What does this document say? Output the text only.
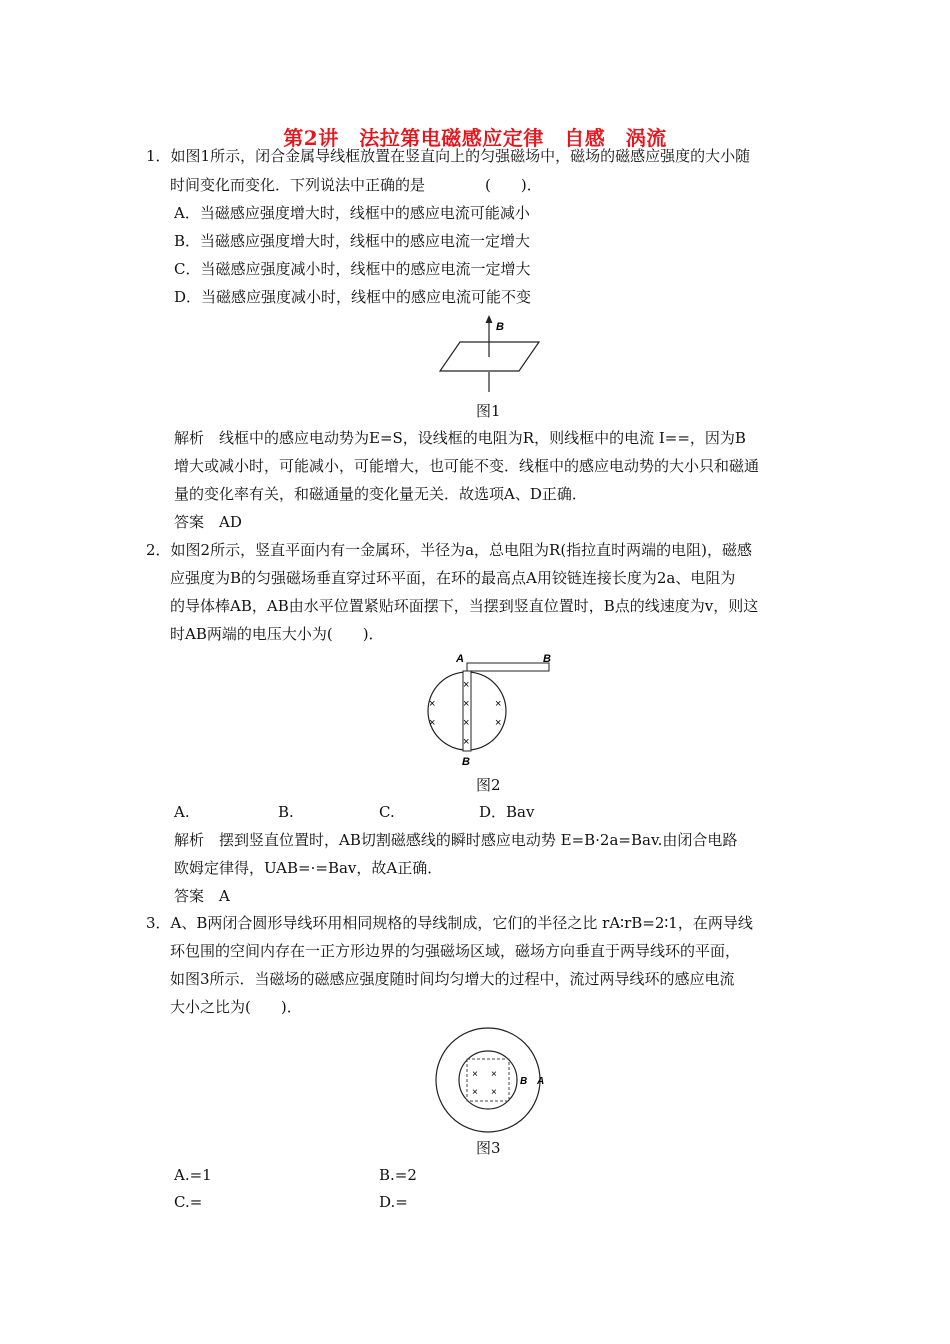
第2讲　法拉第电磁感应定律　自感　涡流
1．如图1所示，闭合金属导线框放置在竖直向上的匀强磁场中，磁场的磁感应强度的大小随
时间变化而变化．下列说法中正确的是　　　　(　　)．
A．当磁感应强度增大时，线框中的感应电流可能减小
B．当磁感应强度增大时，线框中的感应电流一定增大
C．当磁感应强度减小时，线框中的感应电流一定增大
D．当磁感应强度减小时，线框中的感应电流可能不变
B
图1
解析　线框中的感应电动势为E=S，设线框的电阻为R，则线框中的电流 I==，因为B
增大或减小时，可能减小，可能增大，也可能不变．线框中的感应电动势的大小只和磁通
量的变化率有关，和磁通量的变化量无关．故选项A、D正确．
答案　AD
2．如图2所示，竖直平面内有一金属环，半径为a，总电阻为R(指拉直时两端的电阻)，磁感
应强度为B的匀强磁场垂直穿过环平面，在环的最高点A用铰链连接长度为2a、电阻为
的导体棒AB，AB由水平位置紧贴环面摆下，当摆到竖直位置时，B点的线速度为v，则这
时AB两端的电压大小为(　　)．
A	B
B
×
×
×
×
×
×
×
×
图2
A.	B.	C.	D．Bav
解析　摆到竖直位置时，AB切割磁感线的瞬时感应电动势 E=B·2a=Bav.由闭合电路
欧姆定律得，UAB=·=Bav，故A正确．
答案　A
3．A、B两闭合圆形导线环用相同规格的导线制成，它们的半径之比 rA∶rB=2∶1，在两导线
环包围的空间内存在一正方形边界的匀强磁场区域，磁场方向垂直于两导线环的平面，
如图3所示．当磁场的磁感应强度随时间均匀增大的过程中，流过两导线环的感应电流
大小之比为(　　)．
× ×
× ×
B A
图3
A.=1	B.=2
C.=	D.=
